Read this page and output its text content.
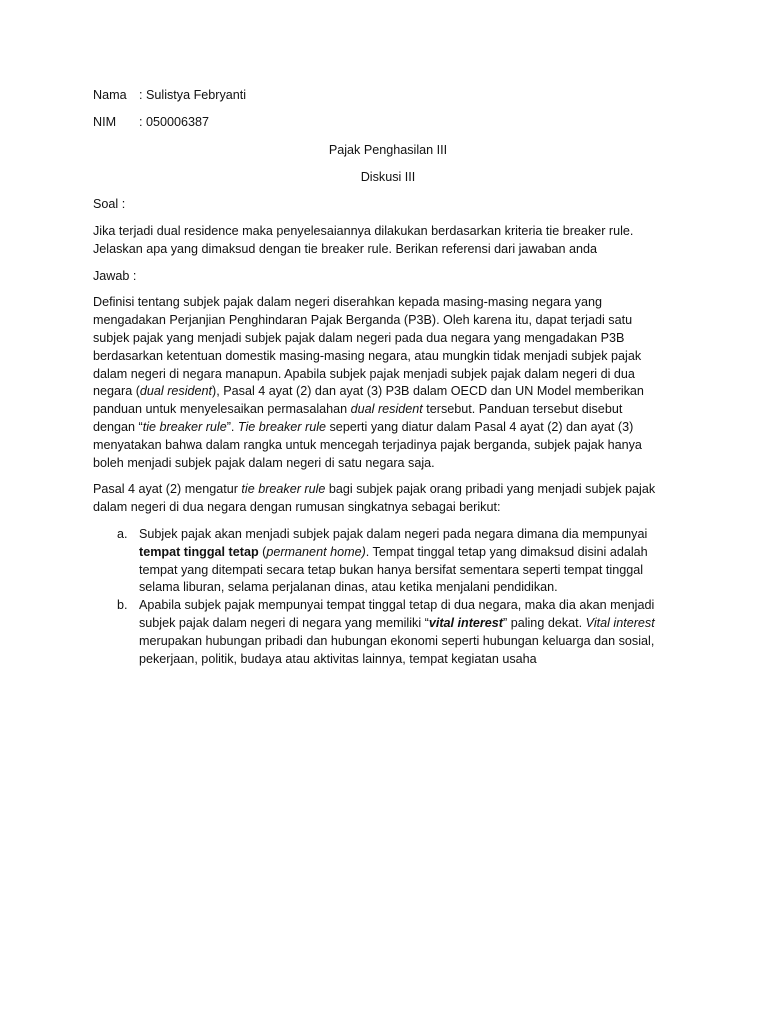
Nama : Sulistya Febryanti
NIM	: 050006387
Pajak Penghasilan III
Diskusi III

Soal :

Jika terjadi dual residence maka penyelesaiannya dilakukan berdasarkan kriteria tie breaker rule.
Jelaskan apa yang dimaksud dengan tie breaker rule. Berikan referensi dari jawaban anda

Jawab :

Definisi tentang subjek pajak dalam negeri diserahkan kepada masing-masing negara yang
mengadakan Perjanjian Penghindaran Pajak Berganda (P3B). Oleh karena itu, dapat terjadi satu
subjek pajak yang menjadi subjek pajak dalam negeri pada dua negara yang mengadakan P3B
berdasarkan ketentuan domestik masing-masing negara, atau mungkin tidak menjadi subjek pajak
dalam negeri di negara manapun. Apabila subjek pajak menjadi subjek pajak dalam negeri di dua
negara (dual resident), Pasal 4 ayat (2) dan ayat (3) P3B dalam OECD dan UN Model memberikan
panduan untuk menyelesaikan permasalahan dual resident tersebut. Panduan tersebut disebut
dengan “tie breaker rule”. Tie breaker rule seperti yang diatur dalam Pasal 4 ayat (2) dan ayat (3)
menyatakan bahwa dalam rangka untuk mencegah terjadinya pajak berganda, subjek pajak hanya
boleh menjadi subjek pajak dalam negeri di satu negara saja.

Pasal 4 ayat (2) mengatur tie breaker rule bagi subjek pajak orang pribadi yang menjadi subjek pajak
dalam negeri di dua negara dengan rumusan singkatnya sebagai berikut:

a. Subjek pajak akan menjadi subjek pajak dalam negeri pada negara dimana dia mempunyai
tempat tinggal tetap (permanent home). Tempat tinggal tetap yang dimaksud disini adalah
tempat yang ditempati secara tetap bukan hanya bersifat sementara seperti tempat tinggal
selama liburan, selama perjalanan dinas, atau ketika menjalani pendidikan.
b. Apabila subjek pajak mempunyai tempat tinggal tetap di dua negara, maka dia akan menjadi
subjek pajak dalam negeri di negara yang memiliki “vital interest” paling dekat. Vital interest
merupakan hubungan pribadi dan hubungan ekonomi seperti hubungan keluarga dan sosial,
pekerjaan, politik, budaya atau aktivitas lainnya, tempat kegiatan usaha
